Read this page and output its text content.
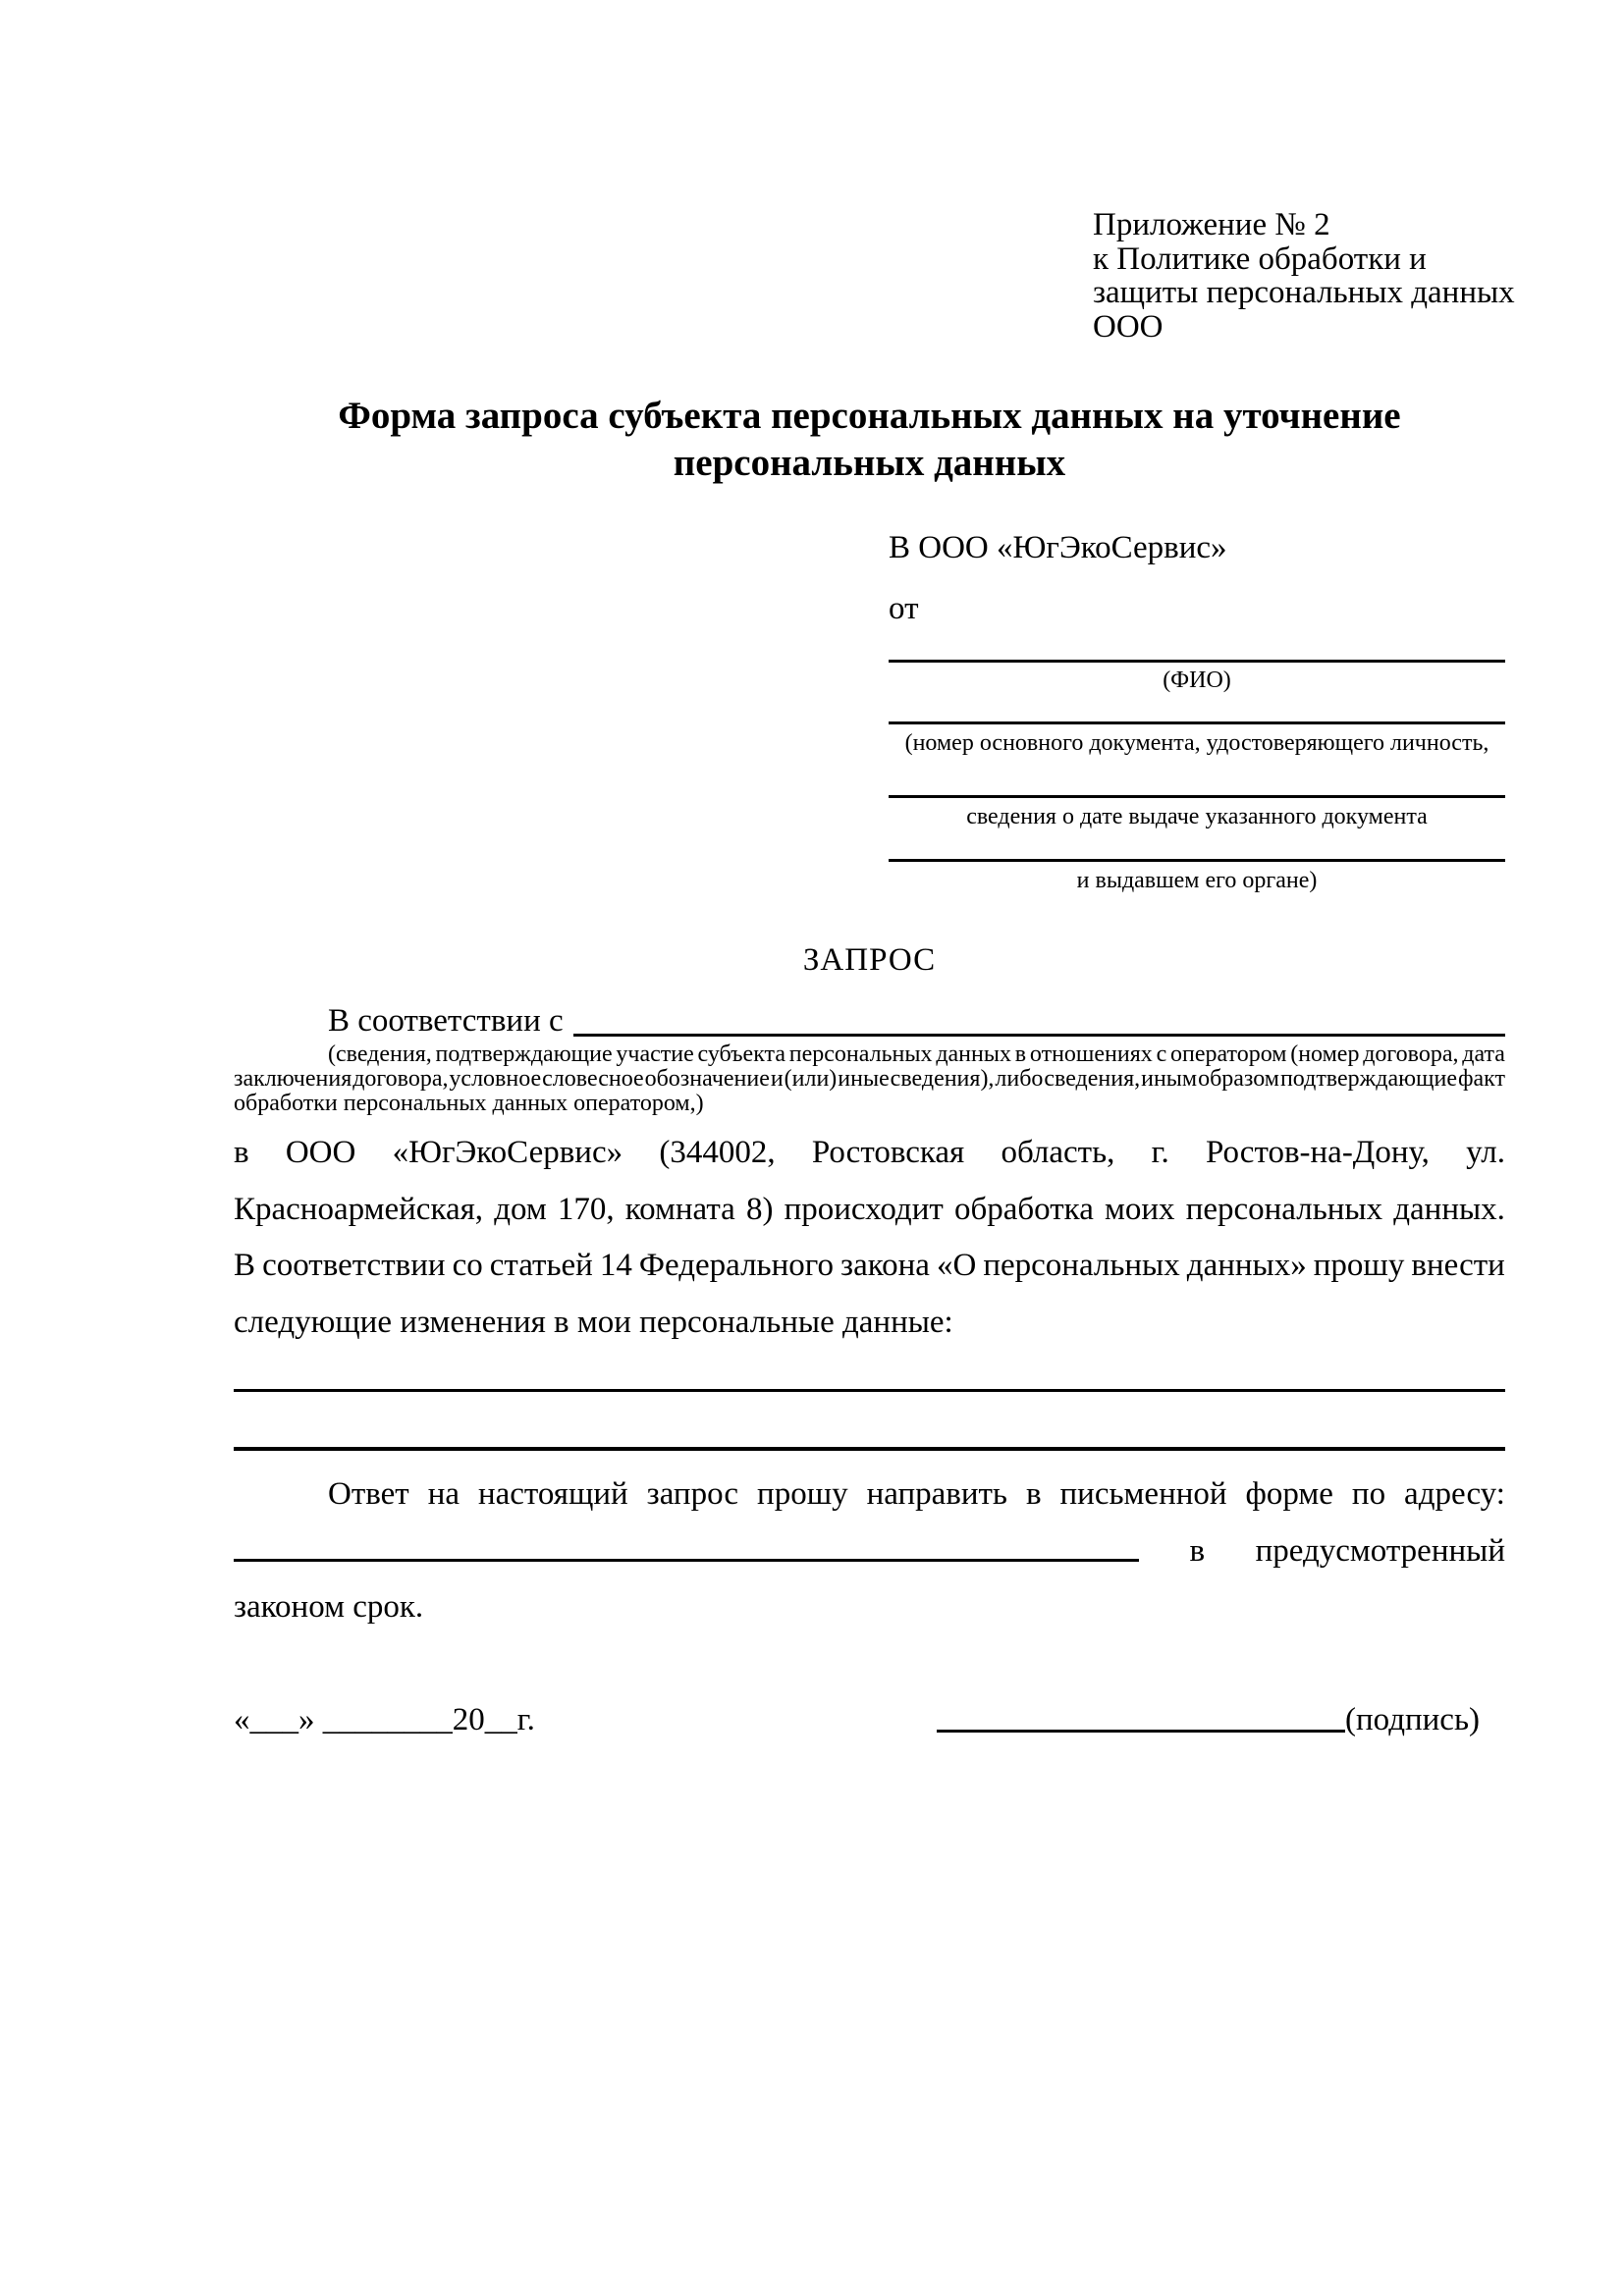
Приложение № 2
к Политике обработки и
защиты персональных данных
ООО
Форма запроса субъекта персональных данных на уточнение персональных данных
В ООО «ЮгЭкоСервис»
от
(ФИО)
(номер основного документа, удостоверяющего личность,
сведения о дате выдаче указанного документа
и выдавшем его органе)
ЗАПРОС
В соответствии с
(сведения, подтверждающие участие субъекта персональных данных в отношениях с оператором (номер договора, дата
заключения договора, условное словесное обозначение и (или) иные сведения), либо сведения, иным образом подтверждающие факт
обработки персональных данных оператором,)
в ООО «ЮгЭкоСервис» (344002, Ростовская область, г. Ростов-на-Дону, ул.
Красноармейская, дом 170, комната 8) происходит обработка моих персональных данных.
В соответствии со статьей 14 Федерального закона «О персональных данных» прошу внести
следующие изменения в мои персональные данные:
Ответ на настоящий запрос прошу направить в письменной форме по адресу:
в предусмотренный
законом срок.
«___» ________20__г.	(подпись)
